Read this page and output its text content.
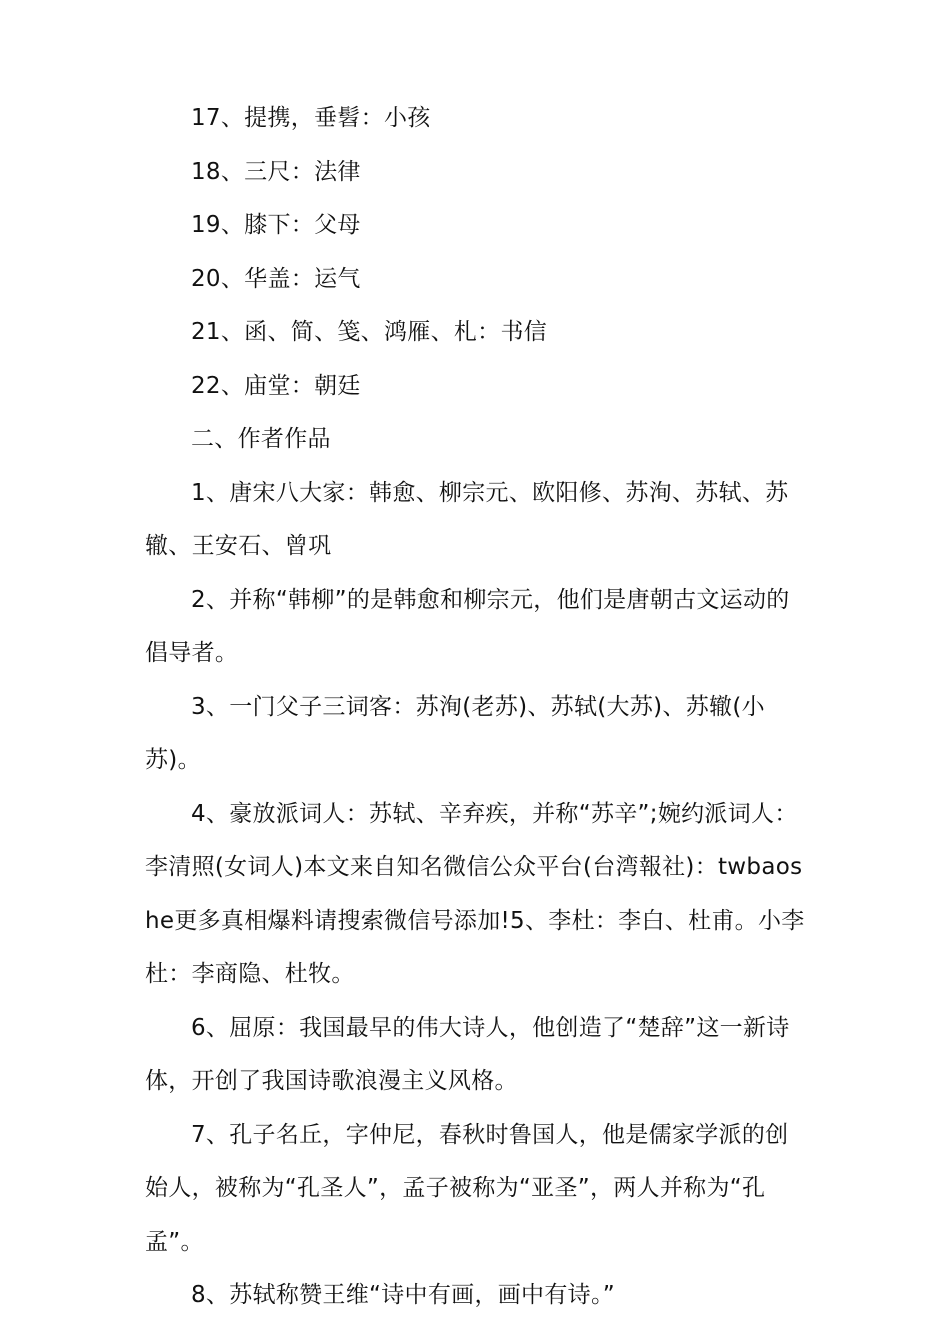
17、提携，垂髫：小孩

18、三尺：法律

19、膝下：父母

20、华盖：运气

21、函、简、笺、鸿雁、札：书信

22、庙堂：朝廷

二、作者作品

1、唐宋八大家：韩愈、柳宗元、欧阳修、苏洵、苏轼、苏辙、王安石、曾巩

2、并称“韩柳”的是韩愈和柳宗元，他们是唐朝古文运动的倡导者。

3、一门父子三词客：苏洵(老苏)、苏轼(大苏)、苏辙(小苏)。

4、豪放派词人：苏轼、辛弃疾，并称“苏辛”;婉约派词人：李清照(女词人)本文来自知名微信公众平台(台湾報社)：twbaoshe更多真相爆料请搜索微信号添加!5、李杜：李白、杜甫。小李杜：李商隐、杜牧。

6、屈原：我国最早的伟大诗人，他创造了“楚辞”这一新诗体，开创了我国诗歌浪漫主义风格。

7、孔子名丘，字仲尼，春秋时鲁国人，他是儒家学派的创始人，被称为“孔圣人”，孟子被称为“亚圣”，两人并称为“孔孟”。

8、苏轼称赞王维“诗中有画，画中有诗。”
